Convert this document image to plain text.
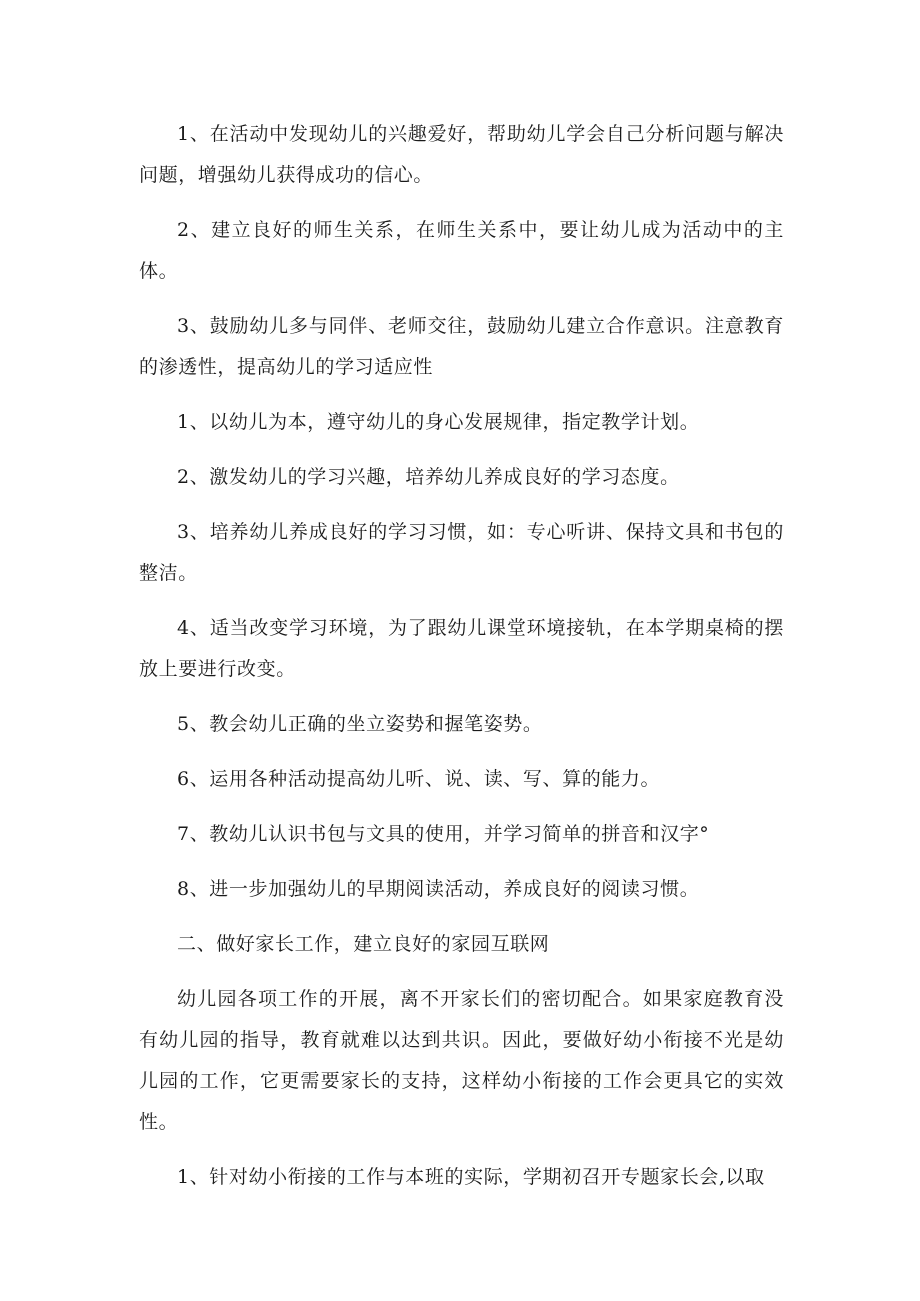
1、在活动中发现幼儿的兴趣爱好，帮助幼儿学会自己分析问题与解决问题，增强幼儿获得成功的信心。

2、建立良好的师生关系，在师生关系中，要让幼儿成为活动中的主体。

3、鼓励幼儿多与同伴、老师交往，鼓励幼儿建立合作意识。注意教育的渗透性，提高幼儿的学习适应性

1、以幼儿为本，遵守幼儿的身心发展规律，指定教学计划。

2、激发幼儿的学习兴趣，培养幼儿养成良好的学习态度。

3、培养幼儿养成良好的学习习惯，如：专心听讲、保持文具和书包的整洁。

4、适当改变学习环境，为了跟幼儿课堂环境接轨，在本学期桌椅的摆放上要进行改变。

5、教会幼儿正确的坐立姿势和握笔姿势。

6、运用各种活动提高幼儿听、说、读、写、算的能力。

7、教幼儿认识书包与文具的使用，并学习简单的拼音和汉字°

8、进一步加强幼儿的早期阅读活动，养成良好的阅读习惯。

二、做好家长工作，建立良好的家园互联网

幼儿园各项工作的开展，离不开家长们的密切配合。如果家庭教育没有幼儿园的指导，教育就难以达到共识。因此，要做好幼小衔接不光是幼儿园的工作，它更需要家长的支持，这样幼小衔接的工作会更具它的实效性。

1、针对幼小衔接的工作与本班的实际，学期初召开专题家长会,以取
